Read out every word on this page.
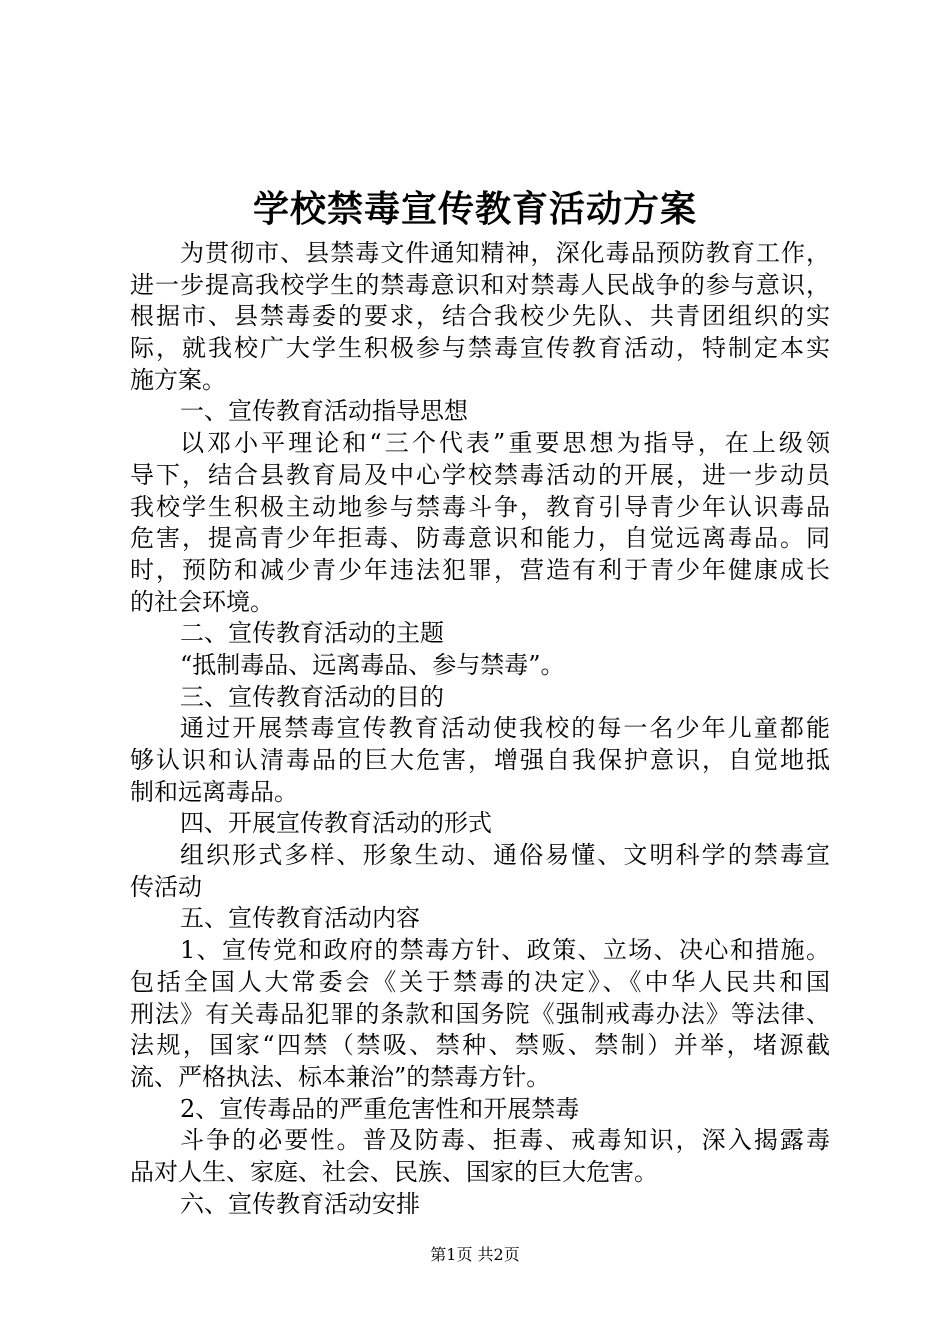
学校禁毒宣传教育活动方案
为贯彻市、县禁毒文件通知精神，深化毒品预防教育工作，
进一步提高我校学生的禁毒意识和对禁毒人民战争的参与意识，
根据市、县禁毒委的要求，结合我校少先队、共青团组织的实
际，就我校广大学生积极参与禁毒宣传教育活动，特制定本实
施方案。
一、宣传教育活动指导思想
以邓小平理论和“三个代表”重要思想为指导，在上级领
导下，结合县教育局及中心学校禁毒活动的开展，进一步动员
我校学生积极主动地参与禁毒斗争，教育引导青少年认识毒品
危害，提高青少年拒毒、防毒意识和能力，自觉远离毒品。同
时，预防和减少青少年违法犯罪，营造有利于青少年健康成长
的社会环境。
二、宣传教育活动的主题
“抵制毒品、远离毒品、参与禁毒”。
三、宣传教育活动的目的
通过开展禁毒宣传教育活动使我校的每一名少年儿童都能
够认识和认清毒品的巨大危害，增强自我保护意识，自觉地抵
制和远离毒品。
四、开展宣传教育活动的形式
组织形式多样、形象生动、通俗易懂、文明科学的禁毒宣
传活动
五、宣传教育活动内容
1、宣传党和政府的禁毒方针、政策、立场、决心和措施。
包括全国人大常委会《关于禁毒的决定》、《中华人民共和国
刑法》有关毒品犯罪的条款和国务院《强制戒毒办法》等法律、
法规，国家“四禁（禁吸、禁种、禁贩、禁制）并举，堵源截
流、严格执法、标本兼治”的禁毒方针。
2、宣传毒品的严重危害性和开展禁毒
斗争的必要性。普及防毒、拒毒、戒毒知识，深入揭露毒
品对人生、家庭、社会、民族、国家的巨大危害。
六、宣传教育活动安排
第1页 共2页
